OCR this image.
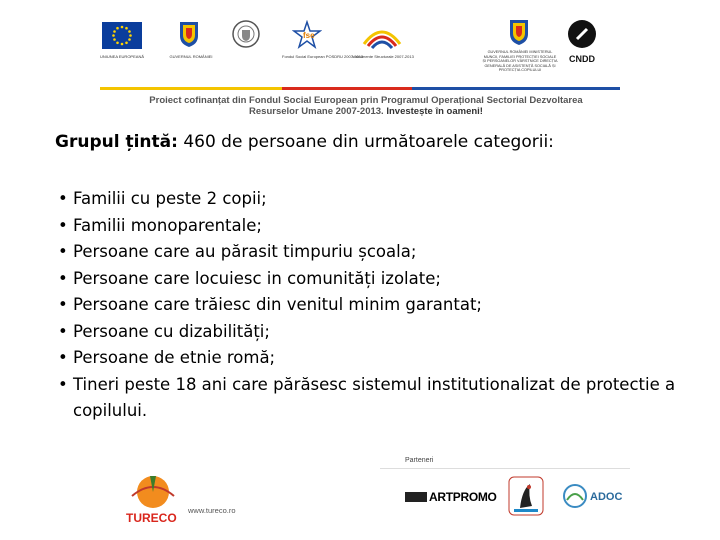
UNIUNEA EUROPEANĂ	GUVERNUL ROMÂNIEI
fse
Fondul Social European POSDRU 2007-2013
Instrumente Structurale 2007-2013
GUVERNUL ROMÂNIEI MINISTERUL MUNCII, FAMILIEI PROTECȚIEI SOCIALE ȘI PERSOANELOR VÂRSTNICE DIRECȚIA GENERALĂ DE ASISTENȚĂ SOCIALĂ ȘI PROTECȚIA COPILULUI
CNDD
Proiect cofinanțat din Fondul Social European prin Programul Operațional Sectorial Dezvoltarea
Resurselor Umane 2007-2013. Investește în oameni!
Grupul țintă: 460 de persoane din următoarele categorii:
• Familii cu peste 2 copii;
• Familii monoparentale;
• Persoane care au părasit timpuriu școala;
• Persoane care locuiesc in comunități izolate;
• Persoane care trăiesc din venitul minim garantat;
• Persoane cu dizabilități;
• Persoane de etnie romă;
• Tineri peste 18 ani care părăsesc sistemul institutionalizat de protectie a copilului.
Parteneri
TURECO
www.tureco.ro
ARTPROMO	ADOC
